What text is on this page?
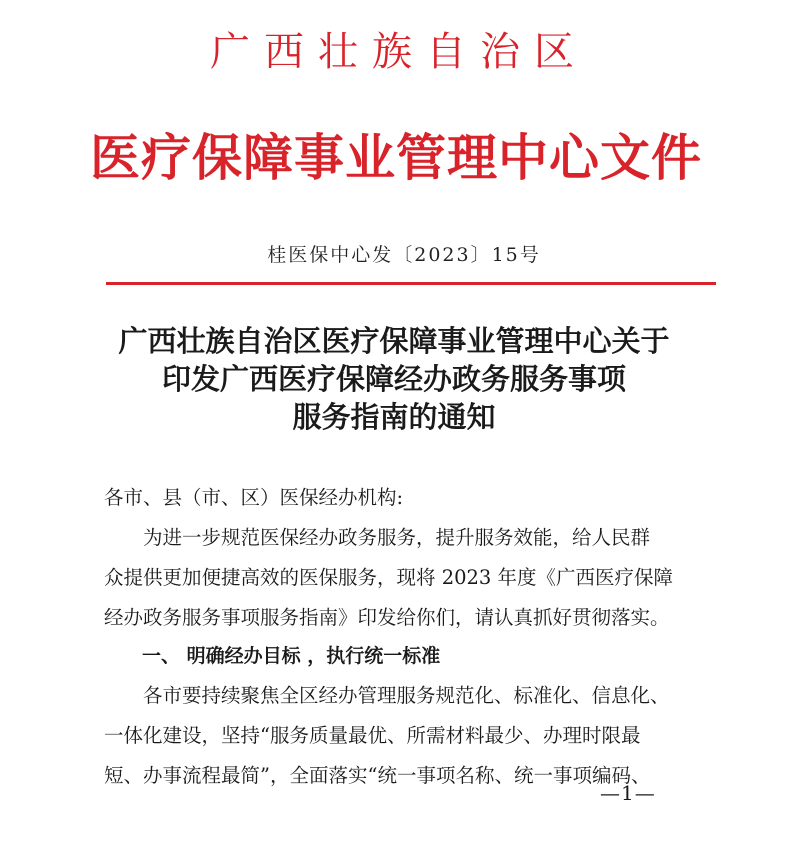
广西壮族自治区
医疗保障事业管理中心文件
桂医保中心发〔2023〕15号
广西壮族自治区医疗保障事业管理中心关于
印发广西医疗保障经办政务服务事项
服务指南的通知
各市、县（市、区）医保经办机构:
　　为进一步规范医保经办政务服务，提升服务效能，给人民群
众提供更加便捷高效的医保服务，现将 2023 年度《广西医疗保障
经办政务服务事项服务指南》印发给你们，请认真抓好贯彻落实。
　　一、 明确经办目标 ，执行统一标准
　　各市要持续聚焦全区经办管理服务规范化、标准化、信息化、
一体化建设，坚持“服务质量最优、所需材料最少、办理时限最
短、办事流程最简”，全面落实“统一事项名称、统一事项编码、
—1—
